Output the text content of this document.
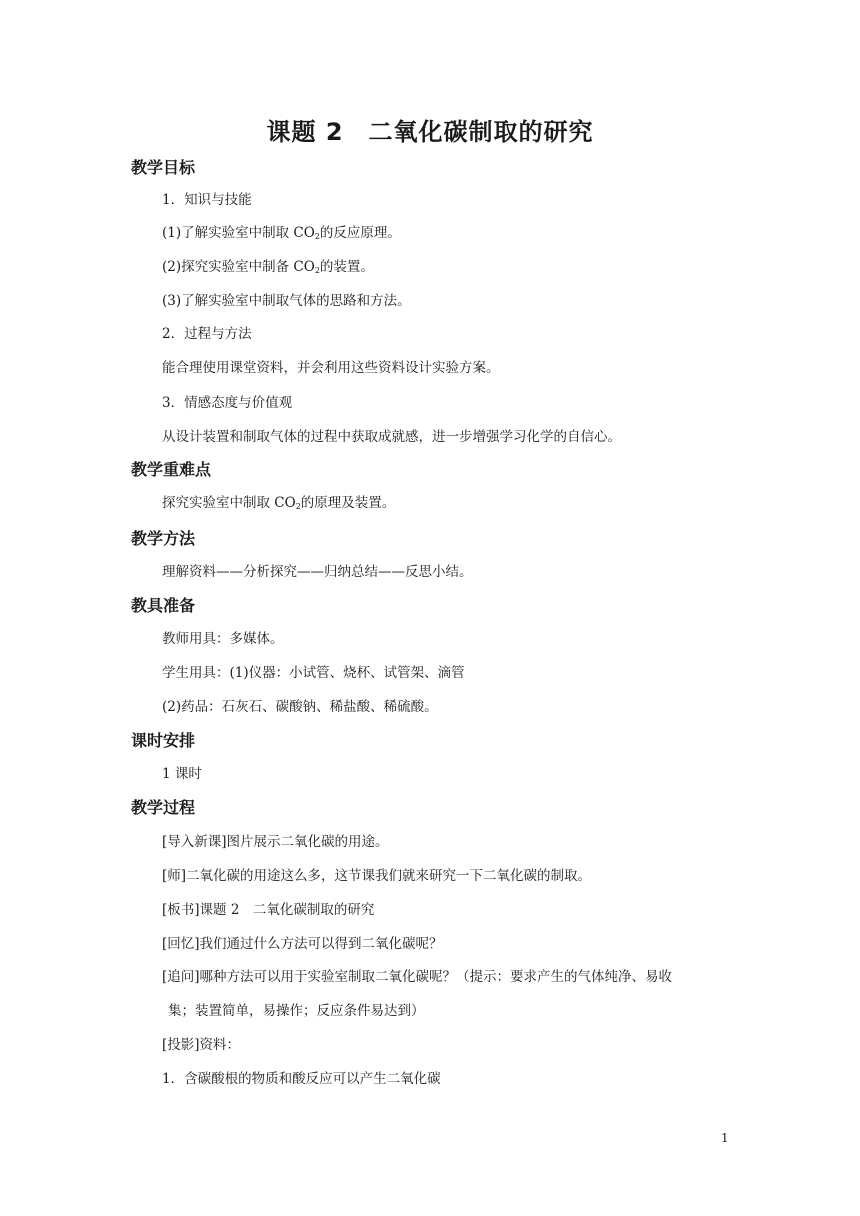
课题 2　二氧化碳制取的研究
教学目标
1．知识与技能
(1)了解实验室中制取 $CO_2$的反应原理。
(2)探究实验室中制备 $CO_2$的装置。
(3)了解实验室中制取气体的思路和方法。
2．过程与方法
能合理使用课堂资料，并会利用这些资料设计实验方案。
3．情感态度与价值观
从设计装置和制取气体的过程中获取成就感，进一步增强学习化学的自信心。
教学重难点
探究实验室中制取 $CO_2$的原理及装置。
教学方法
理解资料——分析探究——归纳总结——反思小结。
教具准备
教师用具：多媒体。
学生用具：(1)仪器：小试管、烧杯、试管架、滴管
(2)药品：石灰石、碳酸钠、稀盐酸、稀硫酸。
课时安排
1 课时
教学过程
[导入新课]图片展示二氧化碳的用途。
[师]二氧化碳的用途这么多，这节课我们就来研究一下二氧化碳的制取。
[板书]课题 2　二氧化碳制取的研究
[回忆]我们通过什么方法可以得到二氧化碳呢？
[追问]哪种方法可以用于实验室制取二氧化碳呢？（提示：要求产生的气体纯净、易收
集；装置简单，易操作；反应条件易达到）
[投影]资料：
1．含碳酸根的物质和酸反应可以产生二氧化碳
1
